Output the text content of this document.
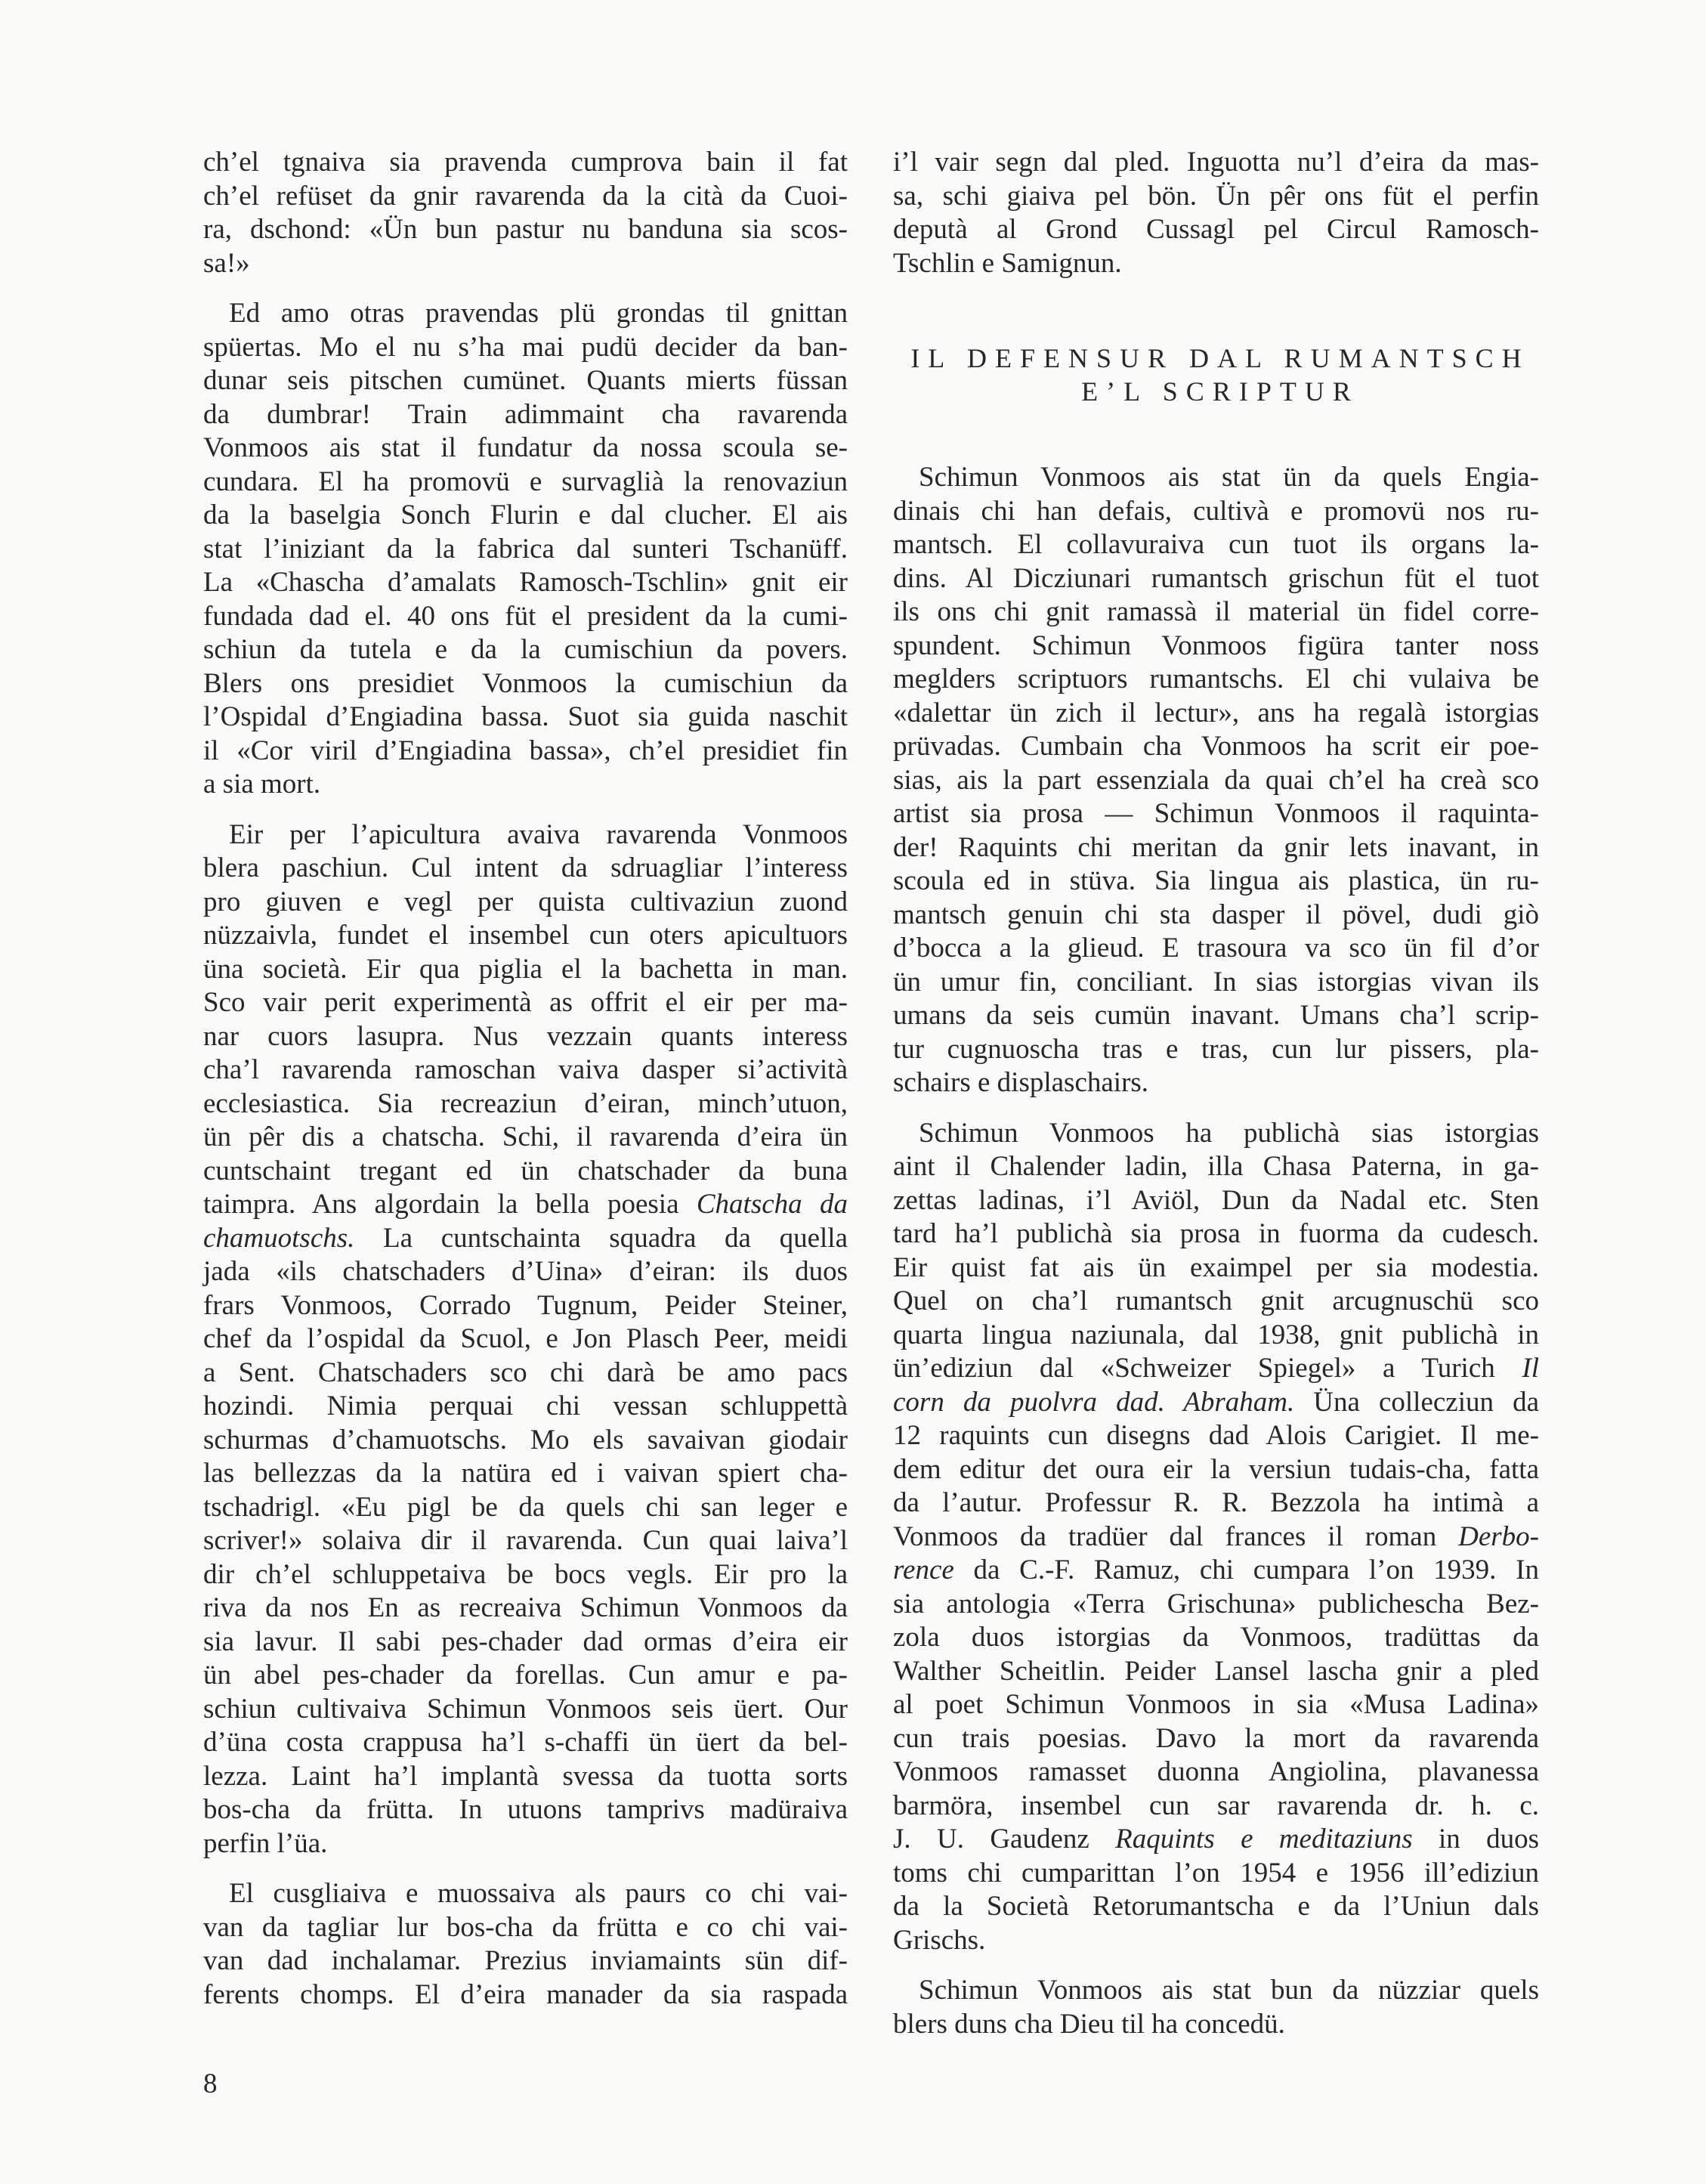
ch’el tgnaiva sia pravenda cumprova bain il fat
ch’el refüset da gnir ravarenda da la cità da Cuoi-
ra, dschond: «Ün bun pastur nu banduna sia scos-
sa!»
Ed amo otras pravendas plü grondas til gnittan
spüertas. Mo el nu s’ha mai pudü decider da ban-
dunar seis pitschen cumünet. Quants mierts füssan
da dumbrar! Train adimmaint cha ravarenda
Vonmoos ais stat il fundatur da nossa scoula se-
cundara. El ha promovü e survaglià la renovaziun
da la baselgia Sonch Flurin e dal clucher. El ais
stat l’iniziant da la fabrica dal sunteri Tschanüff.
La «Chascha d’amalats Ramosch-Tschlin» gnit eir
fundada dad el. 40 ons füt el president da la cumi-
schiun da tutela e da la cumischiun da povers.
Blers ons presidiet Vonmoos la cumischiun da
l’Ospidal d’Engiadina bassa. Suot sia guida naschit
il «Cor viril d’Engiadina bassa», ch’el presidiet fin
a sia mort.
Eir per l’apicultura avaiva ravarenda Vonmoos
blera paschiun. Cul intent da sdruagliar l’interess
pro giuven e vegl per quista cultivaziun zuond
nüzzaivla, fundet el insembel cun oters apicultuors
üna società. Eir qua piglia el la bachetta in man.
Sco vair perit experimentà as offrit el eir per ma-
nar cuors lasupra. Nus vezzain quants interess
cha’l ravarenda ramoschan vaiva dasper si’actività
ecclesiastica. Sia recreaziun d’eiran, minch’utuon,
ün pêr dis a chatscha. Schi, il ravarenda d’eira ün
cuntschaint tregant ed ün chatschader da buna
taimpra. Ans algordain la bella poesia Chatscha da
chamuotschs. La cuntschainta squadra da quella
jada «ils chatschaders d’Uina» d’eiran: ils duos
frars Vonmoos, Corrado Tugnum, Peider Steiner,
chef da l’ospidal da Scuol, e Jon Plasch Peer, meidi
a Sent. Chatschaders sco chi darà be amo pacs
hozindi. Nimia perquai chi vessan schluppettà
schurmas d’chamuotschs. Mo els savaivan giodair
las bellezzas da la natüra ed i vaivan spiert cha-
tschadrigl. «Eu pigl be da quels chi san leger e
scriver!» solaiva dir il ravarenda. Cun quai laiva’l
dir ch’el schluppetaiva be bocs vegls. Eir pro la
riva da nos En as recreaiva Schimun Vonmoos da
sia lavur. Il sabi pes-chader dad ormas d’eira eir
ün abel pes-chader da forellas. Cun amur e pa-
schiun cultivaiva Schimun Vonmoos seis üert. Our
d’üna costa crappusa ha’l s-chaffi ün üert da bel-
lezza. Laint ha’l implantà svessa da tuotta sorts
bos-cha da frütta. In utuons tamprivs madüraiva
perfin l’üa.
El cusgliaiva e muossaiva als paurs co chi vai-
van da tagliar lur bos-cha da frütta e co chi vai-
van dad inchalamar. Prezius inviamaints sün dif-
ferents chomps. El d’eira manader da sia raspada
i’l vair segn dal pled. Inguotta nu’l d’eira da mas-
sa, schi giaiva pel bön. Ün pêr ons füt el perfin
deputà al Grond Cussagl pel Circul Ramosch-
Tschlin e Samignun.
IL DEFENSUR DAL RUMANTSCH
E’L SCRIPTUR
Schimun Vonmoos ais stat ün da quels Engia-
dinais chi han defais, cultivà e promovü nos ru-
mantsch. El collavuraiva cun tuot ils organs la-
dins. Al Dicziunari rumantsch grischun füt el tuot
ils ons chi gnit ramassà il material ün fidel corre-
spundent. Schimun Vonmoos figüra tanter noss
meglders scriptuors rumantschs. El chi vulaiva be
«dalettar ün zich il lectur», ans ha regalà istorgias
prüvadas. Cumbain cha Vonmoos ha scrit eir poe-
sias, ais la part essenziala da quai ch’el ha creà sco
artist sia prosa — Schimun Vonmoos il raquinta-
der! Raquints chi meritan da gnir lets inavant, in
scoula ed in stüva. Sia lingua ais plastica, ün ru-
mantsch genuin chi sta dasper il pövel, dudi giò
d’bocca a la glieud. E trasoura va sco ün fil d’or
ün umur fin, conciliant. In sias istorgias vivan ils
umans da seis cumün inavant. Umans cha’l scrip-
tur cugnuoscha tras e tras, cun lur pissers, pla-
schairs e displaschairs.
Schimun Vonmoos ha publichà sias istorgias
aint il Chalender ladin, illa Chasa Paterna, in ga-
zettas ladinas, i’l Aviöl, Dun da Nadal etc. Sten
tard ha’l publichà sia prosa in fuorma da cudesch.
Eir quist fat ais ün exaimpel per sia modestia.
Quel on cha’l rumantsch gnit arcugnuschü sco
quarta lingua naziunala, dal 1938, gnit publichà in
ün’ediziun dal «Schweizer Spiegel» a Turich Il
corn da puolvra dad. Abraham. Üna collecziun da
12 raquints cun disegns dad Alois Carigiet. Il me-
dem editur det oura eir la versiun tudais-cha, fatta
da l’autur. Professur R. R. Bezzola ha intimà a
Vonmoos da tradüer dal frances il roman Derbo-
rence da C.-F. Ramuz, chi cumpara l’on 1939. In
sia antologia «Terra Grischuna» publichescha Bez-
zola duos istorgias da Vonmoos, tradüttas da
Walther Scheitlin. Peider Lansel lascha gnir a pled
al poet Schimun Vonmoos in sia «Musa Ladina»
cun trais poesias. Davo la mort da ravarenda
Vonmoos ramasset duonna Angiolina, plavanessa
barmöra, insembel cun sar ravarenda dr. h. c.
J. U. Gaudenz Raquints e meditaziuns in duos
toms chi cumparittan l’on 1954 e 1956 ill’ediziun
da la Società Retorumantscha e da l’Uniun dals
Grischs.
Schimun Vonmoos ais stat bun da nüzziar quels
blers duns cha Dieu til ha concedü.
8
